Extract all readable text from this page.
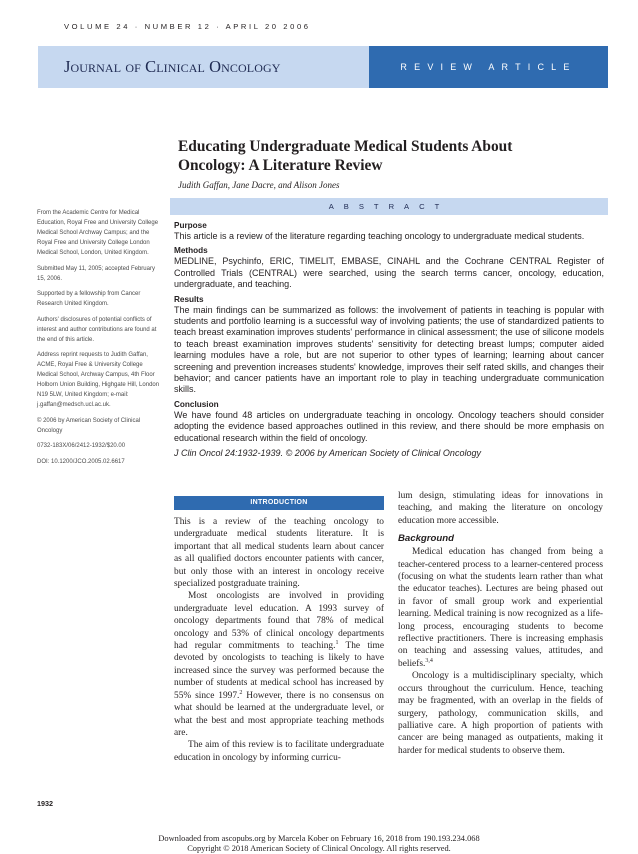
VOLUME 24 · NUMBER 12 · APRIL 20 2006
Journal of Clinical Oncology	REVIEW ARTICLE
Educating Undergraduate Medical Students About Oncology: A Literature Review
Judith Gaffan, Jane Dacre, and Alison Jones

From the Academic Centre for Medical Education, Royal Free and University College Medical School Archway Campus; and the Royal Free and University College London Medical School, London, United Kingdom.

Submitted May 11, 2005; accepted February 15, 2006.

Supported by a fellowship from Cancer Research United Kingdom.

Authors' disclosures of potential conflicts of interest and author contributions are found at the end of this article.

Address reprint requests to Judith Gaffan, ACME, Royal Free & University College Medical School, Archway Campus, 4th Floor Holborn Union Building, Highgate Hill, London N19 5LW, United Kingdom; e-mail: j.gaffan@medsch.ucl.ac.uk.

© 2006 by American Society of Clinical Oncology

0732-183X/06/2412-1932/$20.00

DOI: 10.1200/JCO.2005.02.6617

ABSTRACT
Purpose

This article is a review of the literature regarding teaching oncology to undergraduate medical students.

Methods

MEDLINE, Psychinfo, ERIC, TIMELIT, EMBASE, CINAHL and the Cochrane CENTRAL Register of Controlled Trials (CENTRAL) were searched, using the search terms cancer, oncology, education, undergraduate, and teaching.

Results

The main findings can be summarized as follows: the involvement of patients in teaching is popular with students and portfolio learning is a successful way of involving patients; the use of standardized patients to teach breast examination improves students' performance in clinical assessment; the use of silicone models to teach breast examination improves students' sensitivity for detecting breast lumps; computer aided learning modules have a role, but are not superior to other types of learning; learning about cancer screening and prevention increases students' knowledge, improves their self rated skills, and changes their behavior; and cancer patients have an important role to play in teaching undergraduate communication skills.

Conclusion

We have found 48 articles on undergraduate teaching in oncology. Oncology teachers should consider adopting the evidence based approaches outlined in this review, and there should be more emphasis on educational research within the field of oncology.

J Clin Oncol 24:1932-1939. © 2006 by American Society of Clinical Oncology

INTRODUCTION

This is a review of the teaching oncology to undergraduate medical students literature. It is important that all medical students learn about cancer as all qualified doctors encounter patients with cancer, but only those with an interest in oncology receive specialized postgraduate training.

Most oncologists are involved in providing undergraduate level education. A 1993 survey of oncology departments found that 78% of medical oncology and 53% of clinical oncology departments had regular commitments to teaching.$^1$ The time devoted by oncologists to teaching is likely to have increased since the survey was performed because the number of students at medical school has increased by 55% since 1997.$^2$ However, there is no consensus on what should be learned at the undergraduate level, or what the best and most appropriate teaching methods are.

The aim of this review is to facilitate undergraduate education in oncology by informing curricu-

lum design, stimulating ideas for innovations in teaching, and making the literature on oncology education more accessible.

Background

Medical education has changed from being a teacher-centered process to a learner-centered process (focusing on what the students learn rather than what the educator teaches). Lectures are being phased out in favor of small group work and experiential learning. Medical training is now recognized as a life-long process, encouraging students to become reflective practitioners. There is increasing emphasis on teaching and assessing values, attitudes, and beliefs.$^{3,4}$

Oncology is a multidisciplinary specialty, which occurs throughout the curriculum. Hence, teaching may be fragmented, with an overlap in the fields of surgery, pathology, communication skills, and palliative care. A high proportion of patients with cancer are being managed as outpatients, making it harder for medical students to observe them.

1932
Downloaded from ascopubs.org by Marcela Kober on February 16, 2018 from 190.193.234.068
Copyright © 2018 American Society of Clinical Oncology. All rights reserved.
